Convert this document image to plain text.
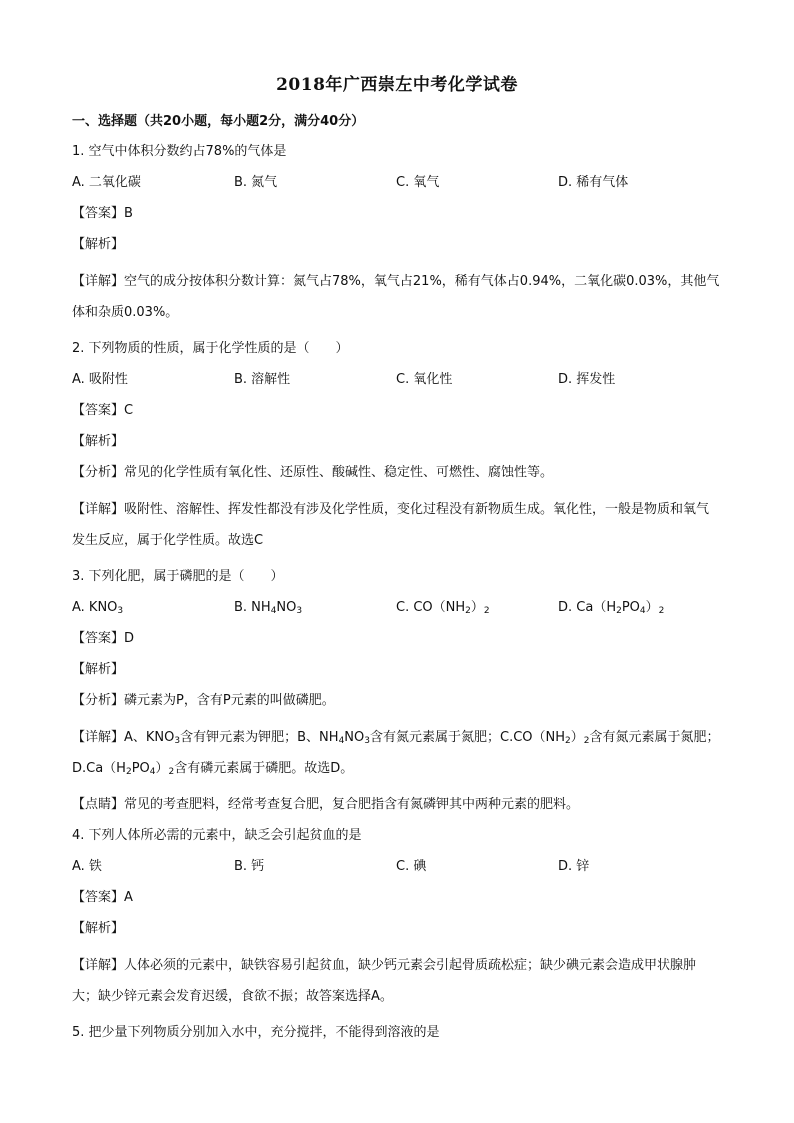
2018年广西崇左中考化学试卷
一、选择题（共20小题，每小题2分，满分40分）
1. 空气中体积分数约占78%的气体是
A. 二氧化碳	B. 氮气	C. 氧气	D. 稀有气体
【答案】B
【解析】
【详解】空气的成分按体积分数计算：氮气占78%，氧气占21%，稀有气体占0.94%，二氧化碳0.03%，其他气体和杂质0.03%。
2. 下列物质的性质，属于化学性质的是（　　）
A. 吸附性	B. 溶解性	C. 氧化性	D. 挥发性
【答案】C
【解析】
【分析】常见的化学性质有氧化性、还原性、酸碱性、稳定性、可燃性、腐蚀性等。
【详解】吸附性、溶解性、挥发性都没有涉及化学性质，变化过程没有新物质生成。氧化性，一般是物质和氧气发生反应，属于化学性质。故选C
3. 下列化肥，属于磷肥的是（　　）
A. $KNO_3$	B. $NH_4NO_3$	C. $CO(NH_2)_2$	D. $Ca(H_2PO_4)_2$
【答案】D
【解析】
【分析】磷元素为P，含有P元素的叫做磷肥。
【详解】A、$KNO_3$含有钾元素为钾肥；B、$NH_4NO_3$含有氮元素属于氮肥；$C.CO(NH_2)_2$含有氮元素属于氮肥；$D.Ca(H_2PO_4)_2$含有磷元素属于磷肥。故选D。
【点睛】常见的考查肥料，经常考查复合肥，复合肥指含有氮磷钾其中两种元素的肥料。
4. 下列人体所必需的元素中，缺乏会引起贫血的是
A. 铁	B. 钙	C. 碘	D. 锌
【答案】A
【解析】
【详解】人体必须的元素中，缺铁容易引起贫血，缺少钙元素会引起骨质疏松症；缺少碘元素会造成甲状腺肿大；缺少锌元素会发育迟缓，食欲不振；故答案选择A。
5. 把少量下列物质分别加入水中，充分搅拌，不能得到溶液的是
